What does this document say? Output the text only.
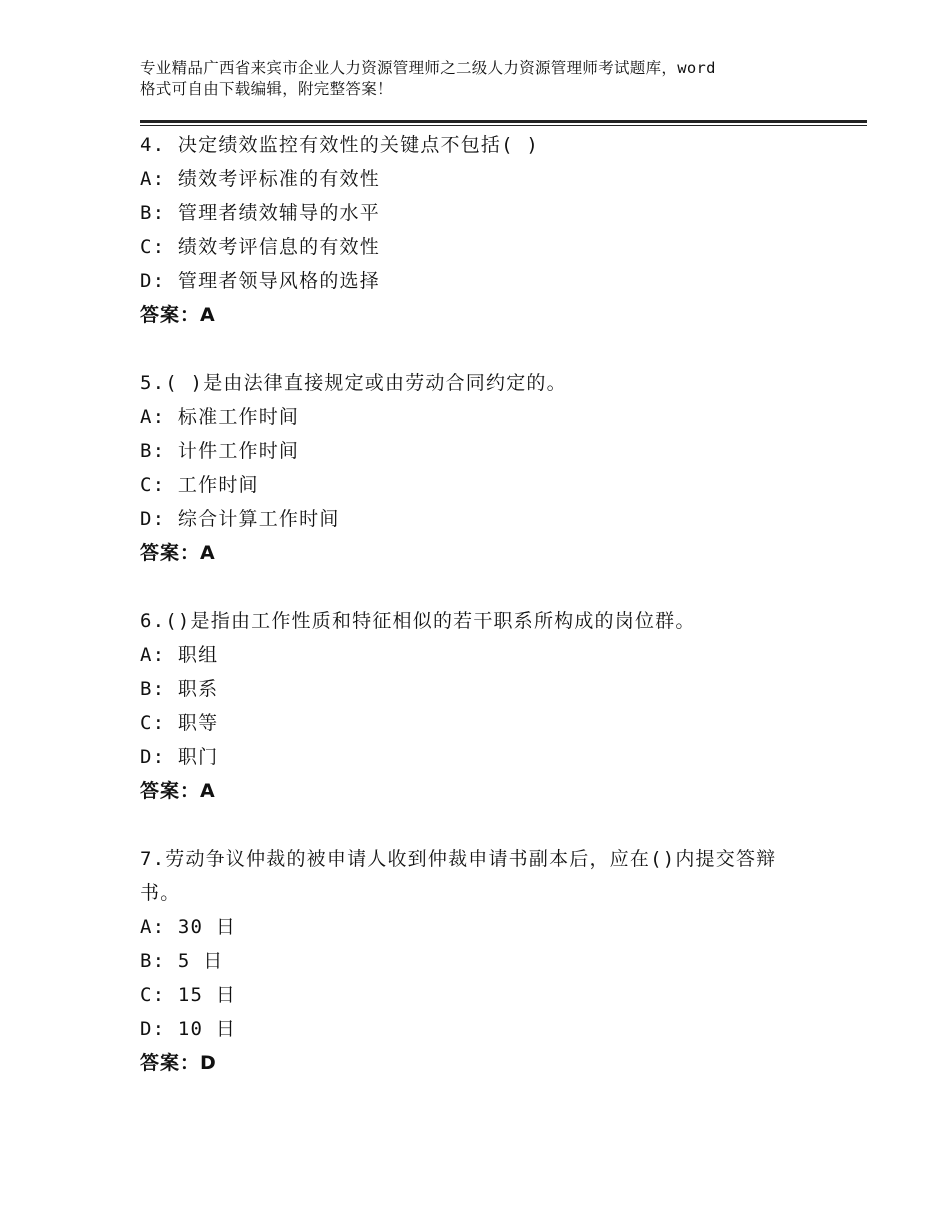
专业精品广西省来宾市企业人力资源管理师之二级人力资源管理师考试题库，word
格式可自由下载编辑，附完整答案！
4. 决定绩效监控有效性的关键点不包括( )
A: 绩效考评标准的有效性
B: 管理者绩效辅导的水平
C: 绩效考评信息的有效性
D: 管理者领导风格的选择
答案：A
5.( )是由法律直接规定或由劳动合同约定的。
A: 标准工作时间
B: 计件工作时间
C: 工作时间
D: 综合计算工作时间
答案：A
6.()是指由工作性质和特征相似的若干职系所构成的岗位群。
A: 职组
B: 职系
C: 职等
D: 职门
答案：A
7.劳动争议仲裁的被申请人收到仲裁申请书副本后，应在()内提交答辩书。
A: 30 日
B: 5 日
C: 15 日
D: 10 日
答案：D
